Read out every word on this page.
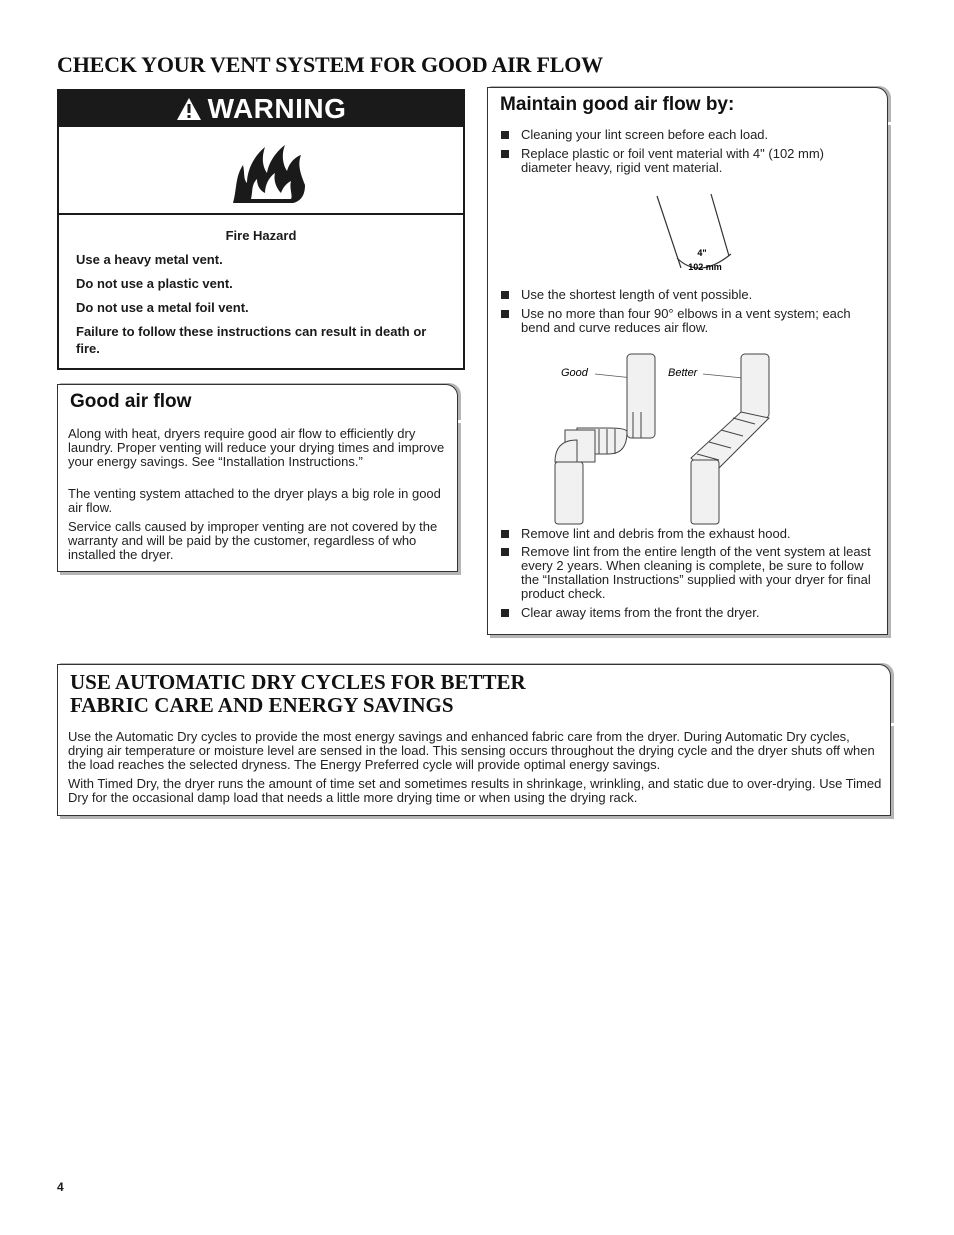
CHECK YOUR VENT SYSTEM FOR GOOD AIR FLOW
WARNING
Fire Hazard
Use a heavy metal vent.
Do not use a plastic vent.
Do not use a metal foil vent.
Failure to follow these instructions can result in death or fire.
Good air flow
Along with heat, dryers require good air flow to efficiently dry laundry. Proper venting will reduce your drying times and improve your energy savings. See “Installation Instructions.”
The venting system attached to the dryer plays a big role in good air flow.
Service calls caused by improper venting are not covered by the warranty and will be paid by the customer, regardless of who installed the dryer.
Maintain good air flow by:
Cleaning your lint screen before each load.
Replace plastic or foil vent material with 4" (102 mm) diameter heavy, rigid vent material.
4"
102 mm
Use the shortest length of vent possible.
Use no more than four 90° elbows in a vent system; each bend and curve reduces air flow.
Good	Better
Remove lint and debris from the exhaust hood.
Remove lint from the entire length of the vent system at least every 2 years. When cleaning is complete, be sure to follow the “Installation Instructions” supplied with your dryer for final product check.
Clear away items from the front the dryer.
USE AUTOMATIC DRY CYCLES FOR BETTER
FABRIC CARE AND ENERGY SAVINGS
Use the Automatic Dry cycles to provide the most energy savings and enhanced fabric care from the dryer. During Automatic Dry cycles, drying air temperature or moisture level are sensed in the load. This sensing occurs throughout the drying cycle and the dryer shuts off when the load reaches the selected dryness. The Energy Preferred cycle will provide optimal energy savings.
With Timed Dry, the dryer runs the amount of time set and sometimes results in shrinkage, wrinkling, and static due to over-drying. Use Timed Dry for the occasional damp load that needs a little more drying time or when using the drying rack.
4
